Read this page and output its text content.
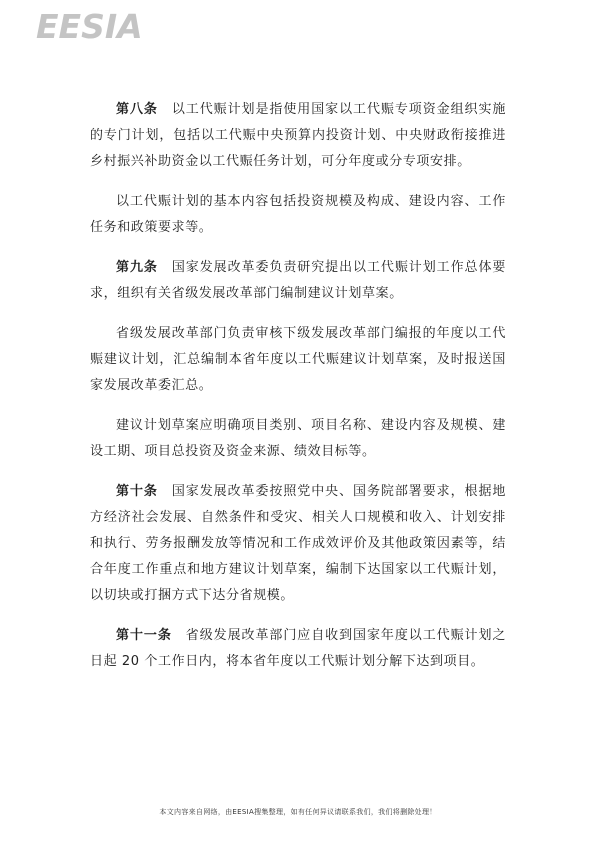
EESIA

第八条 以工代赈计划是指使用国家以工代赈专项资金组织实施的专门计划，包括以工代赈中央预算内投资计划、中央财政衔接推进乡村振兴补助资金以工代赈任务计划，可分年度或分专项安排。

以工代赈计划的基本内容包括投资规模及构成、建设内容、工作任务和政策要求等。

第九条 国家发展改革委负责研究提出以工代赈计划工作总体要求，组织有关省级发展改革部门编制建议计划草案。

省级发展改革部门负责审核下级发展改革部门编报的年度以工代赈建议计划，汇总编制本省年度以工代赈建议计划草案，及时报送国家发展改革委汇总。

建议计划草案应明确项目类别、项目名称、建设内容及规模、建设工期、项目总投资及资金来源、绩效目标等。

第十条 国家发展改革委按照党中央、国务院部署要求，根据地方经济社会发展、自然条件和受灾、相关人口规模和收入、计划安排和执行、劳务报酬发放等情况和工作成效评价及其他政策因素等，结合年度工作重点和地方建议计划草案，编制下达国家以工代赈计划，以切块或打捆方式下达分省规模。

第十一条 省级发展改革部门应自收到国家年度以工代赈计划之日起 20 个工作日内，将本省年度以工代赈计划分解下达到项目。

本文内容来自网络，由EESIA搜集整理，如有任何异议请联系我们，我们将删除处理！
